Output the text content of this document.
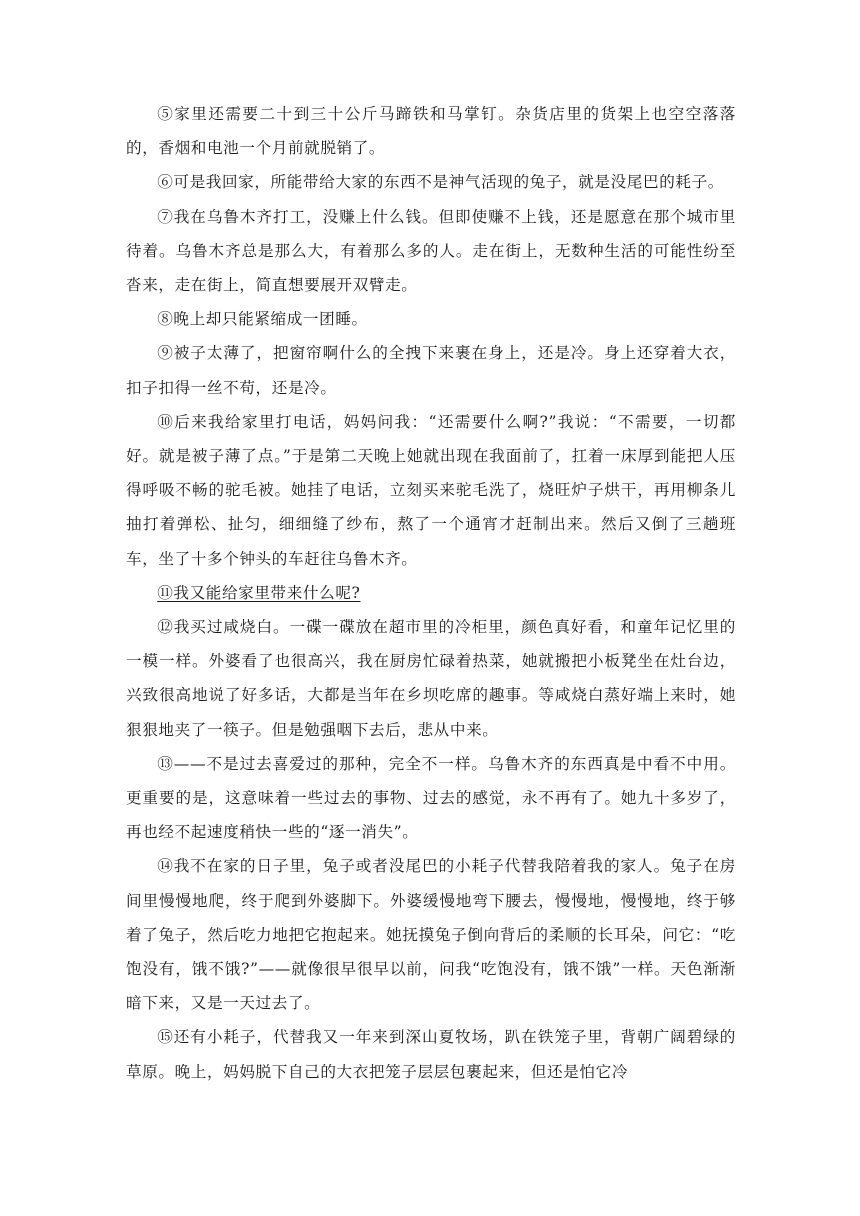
⑤家里还需要二十到三十公斤马蹄铁和马掌钉。杂货店里的货架上也空空落落的，香烟和电池一个月前就脱销了。

⑥可是我回家，所能带给大家的东西不是神气活现的兔子，就是没尾巴的耗子。

⑦我在乌鲁木齐打工，没赚上什么钱。但即使赚不上钱，还是愿意在那个城市里待着。乌鲁木齐总是那么大，有着那么多的人。走在街上，无数种生活的可能性纷至沓来，走在街上，简直想要展开双臂走。

⑧晚上却只能紧缩成一团睡。

⑨被子太薄了，把窗帘啊什么的全拽下来裹在身上，还是冷。身上还穿着大衣，扣子扣得一丝不苟，还是冷。

⑩后来我给家里打电话，妈妈问我：“还需要什么啊?”我说：“不需要，一切都好。就是被子薄了点。”于是第二天晚上她就出现在我面前了，扛着一床厚到能把人压得呼吸不畅的驼毛被。她挂了电话，立刻买来驼毛洗了，烧旺炉子烘干，再用柳条儿抽打着弹松、扯匀，细细缝了纱布，熬了一个通宵才赶制出来。然后又倒了三趟班车，坐了十多个钟头的车赶往乌鲁木齐。

⑪我又能给家里带来什么呢?

⑫我买过咸烧白。一碟一碟放在超市里的冷柜里，颜色真好看，和童年记忆里的一模一样。外婆看了也很高兴，我在厨房忙碌着热菜，她就搬把小板凳坐在灶台边，兴致很高地说了好多话，大都是当年在乡坝吃席的趣事。等咸烧白蒸好端上来时，她狠狠地夹了一筷子。但是勉强咽下去后，悲从中来。

⑬——不是过去喜爱过的那种，完全不一样。乌鲁木齐的东西真是中看不中用。更重要的是，这意味着一些过去的事物、过去的感觉，永不再有了。她九十多岁了，再也经不起速度稍快一些的“逐一消失”。

⑭我不在家的日子里，兔子或者没尾巴的小耗子代替我陪着我的家人。兔子在房间里慢慢地爬，终于爬到外婆脚下。外婆缓慢地弯下腰去，慢慢地，慢慢地，终于够着了兔子，然后吃力地把它抱起来。她抚摸兔子倒向背后的柔顺的长耳朵，问它：“吃饱没有，饿不饿?”——就像很早很早以前，问我“吃饱没有，饿不饿”一样。天色渐渐暗下来，又是一天过去了。

⑮还有小耗子，代替我又一年来到深山夏牧场，趴在铁笼子里，背朝广阔碧绿的草原。晚上，妈妈脱下自己的大衣把笼子层层包裹起来，但还是怕它冷
